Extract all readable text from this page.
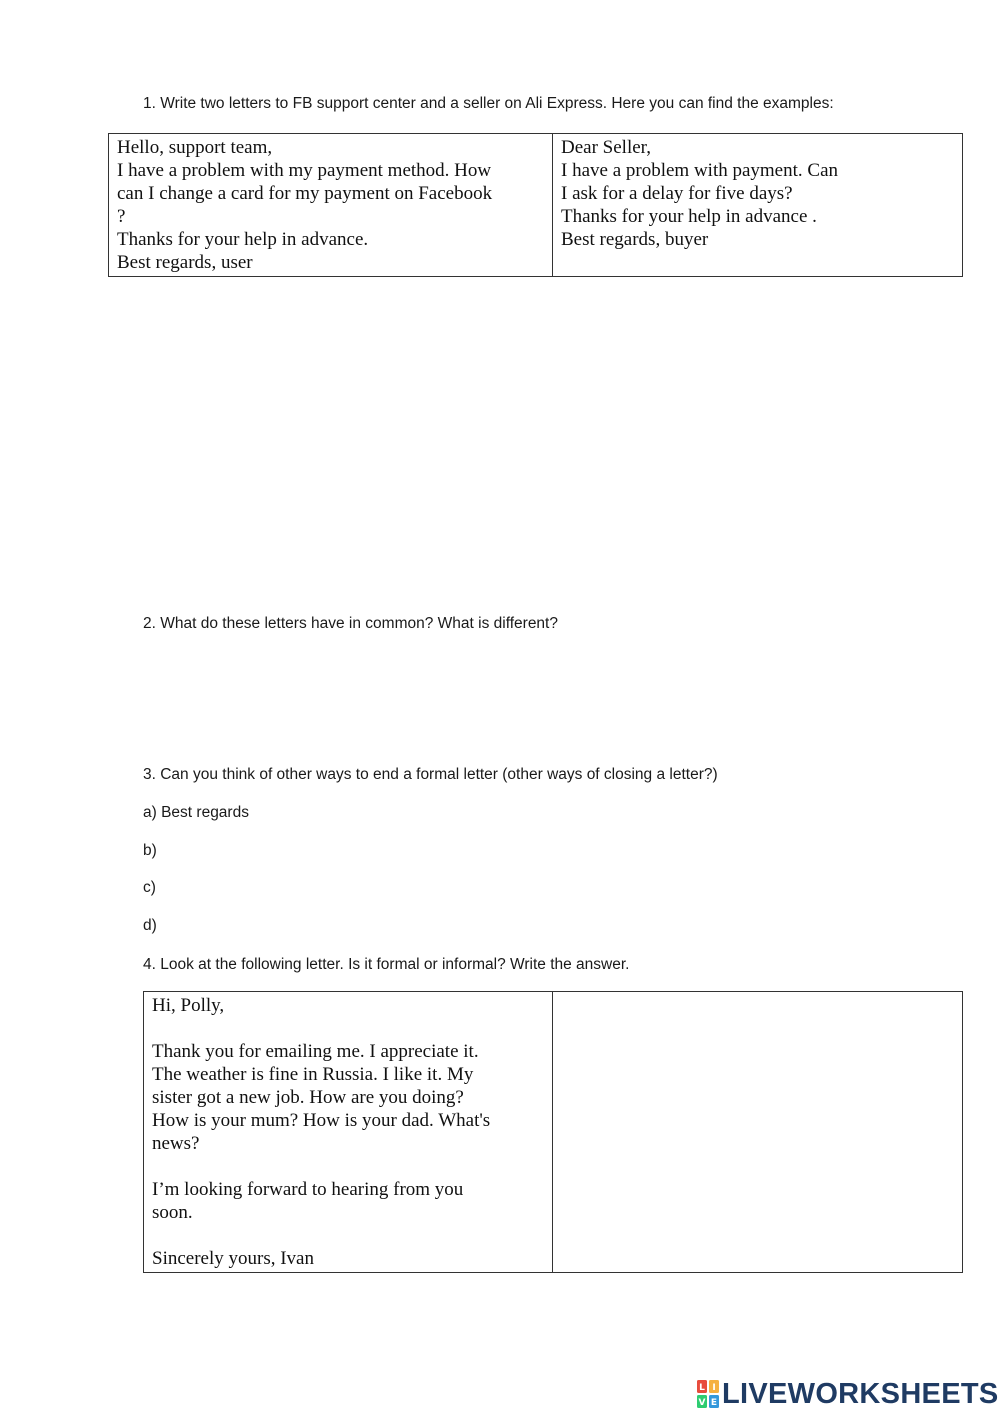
1. Write two letters to FB support center and a seller on Ali Express. Here you can find the examples:
Hello, support team,
I have a problem with my payment method. How
can I change a card for my payment on Facebook
?
Thanks for your help in advance.
Best regards, user

Dear Seller,
I have a problem with payment. Can
I ask for a delay for five days?
Thanks for your help in advance .
Best regards, buyer
2. What do these letters have in common? What is different?
3. Can you think of other ways to end a formal letter (other ways of closing a letter?)
a) Best regards
b)
c)
d)
4. Look at the following letter. Is it formal or informal? Write the answer.
Hi, Polly,
Thank you for emailing me. I appreciate it.
The weather is fine in Russia. I like it. My
sister got a new job. How are you doing?
How is your mum? How is your dad. What's
news?
I’m looking forward to hearing from you
soon.
Sincerely yours, Ivan

L I
V E LIVEWORKSHEETS
